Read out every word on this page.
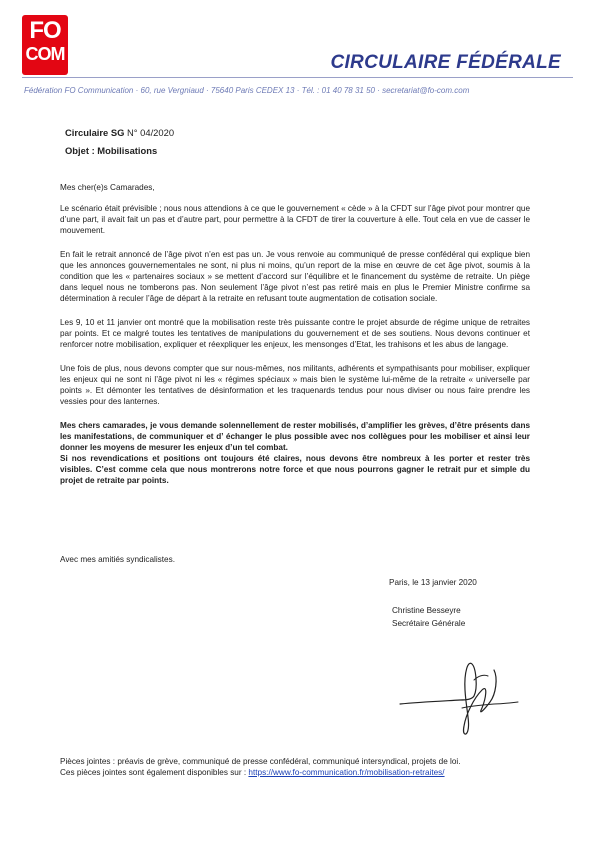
FO
COM	CIRCULAIRE FÉDÉRALE
Fédération FO Communication · 60, rue Vergniaud · 75640 Paris CEDEX 13 · Tél. : 01 40 78 31 50 · secretariat@fo-com.com
Circulaire SG N° 04/2020
Objet : Mobilisations

Mes cher(e)s Camarades,

Le scénario était prévisible ; nous nous attendions à ce que le gouvernement « cède » à la CFDT sur l’âge pivot pour montrer que d’une part, il avait fait un pas et d’autre part, pour permettre à la CFDT de tirer la couverture à elle. Tout cela en vue de casser le mouvement.

En fait le retrait annoncé de l’âge pivot n’en est pas un. Je vous renvoie au communiqué de presse confédéral qui explique bien que les annonces gouvernementales ne sont, ni plus ni moins, qu’un report de la mise en œuvre de cet âge pivot, soumis à la condition que les « partenaires sociaux » se mettent d’accord sur l’équilibre et le financement du système de retraite. Un piège dans lequel nous ne tomberons pas. Non seulement l’âge pivot n’est pas retiré mais en plus le Premier Ministre confirme sa détermination à reculer l’âge de départ à la retraite en refusant toute augmentation de cotisation sociale.

Les 9, 10 et 11 janvier ont montré que la mobilisation reste très puissante contre le projet absurde de régime unique de retraites par points. Et ce malgré toutes les tentatives de manipulations du gouvernement et de ses soutiens. Nous devons continuer et renforcer notre mobilisation, expliquer et réexpliquer les enjeux, les mensonges d’Etat, les trahisons et les abus de langage.

Une fois de plus, nous devons compter que sur nous-mêmes, nos militants, adhérents et sympathisants pour mobiliser, expliquer les enjeux qui ne sont ni l’âge pivot ni les « régimes spéciaux » mais bien le système lui-même de la retraite « universelle par points ». Et démonter les tentatives de désinformation et les traquenards tendus pour nous diviser ou nous faire prendre les vessies pour des lanternes.

Mes chers camarades, je vous demande solennellement de rester mobilisés, d’amplifier les grèves, d’être présents dans les manifestations, de communiquer et d’ échanger le plus possible avec nos collègues pour les mobiliser et ainsi leur donner les moyens de mesurer les enjeux d’un tel combat.

Si nos revendications et positions ont toujours été claires, nous devons être nombreux à les porter et rester très visibles. C’est comme cela que nous montrerons notre force et que nous pourrons gagner le retrait pur et simple du projet de retraite par points.

Avec mes amitiés syndicalistes.
Paris, le 13 janvier 2020
Christine Besseyre
Secrétaire Générale
Pièces jointes : préavis de grève, communiqué de presse confédéral, communiqué intersyndical, projets de loi.
Ces pièces jointes sont également disponibles sur : https://www.fo-communication.fr/mobilisation-retraites/
